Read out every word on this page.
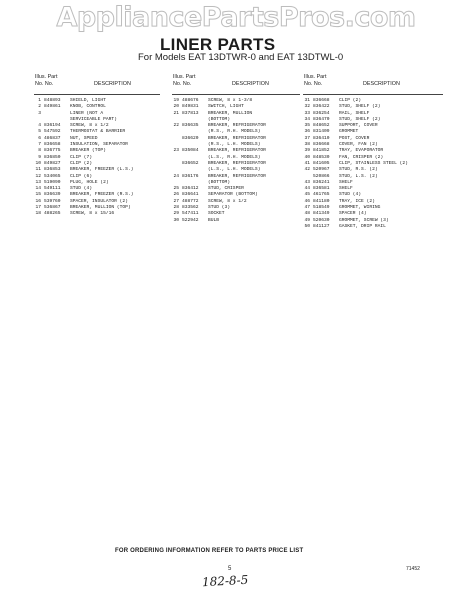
AppliancePartsPros.com
LINER PARTS
For Models EAT 13DTWR-0 and EAT 13DTWL-0
Illus. Part
No. No.	DESCRIPTION
1 848893	SHIELD, LIGHT
2 849861	KNOB, CONTROL
3	LINER (NOT A
SERVICEABLE PART)
4 836194	SCREW, 8 x 1/2
5 547592	THERMOSTAT & BARRIER
6 486837	NUT, SPEED
7 836658	INSULATION, SEPARATOR
8 836775	BREAKER (TOP)
9 836850	CLIP (7)
10 849827	CLIP (2)
11 836853	BREAKER, FREEZER (L.S.)
12 534065	CLIP (6)
13 519090	PLUG, HOLE (2)
14 549111	STUD (4)
15 836639	BREAKER, FREEZER (R.S.)
16 539760	SPACER, INSULATOR (2)
17 536867	BREAKER, MULLION (TOP)
18 488265	SCREW, 8 x 15/16
Illus. Part
No. No.	DESCRIPTION
19 488676	SCREW, 8 x 1-3/8
20 849831	SWITCH, LIGHT
21 837813	BREAKER, MULLION
(BOTTOM)
22 836635	BREAKER, REFRIGERATOR
(R.S., R.H. MODELS)
836620	BREAKER, REFRIGERATOR
(R.S., L.H. MODELS)
23 835084	BREAKER, REFRIGERATOR
(L.S., R.H. MODELS)
836652	BREAKER, REFRIGERATOR
(L.S., L.H. MODELS)
24 836176	BREAKER, REFRIGERATOR
(BOTTOM)
25 836412	STUD, CRISPER
26 836641	SEPARATOR (BOTTOM)
27 488772	SCREW, 8 x 1/2
28 833562	STUD (3)
29 547411	SOCKET
30 522942	BULB
Illus. Part
No. No.	DESCRIPTION
31 836668	CLIP (2)
32 836422	STUD, SHELF (2)
33 836254	RAIL, SHELF
34 836470	STUD, SHELF (2)
35 848652	SUPPORT, COVER
36 831409	GROMMET
37 836410	POST, COVER
38 836668	COVER, FAN (2)
39 841852	TRAY, EVAPORATOR
40 848530	FAN, CRISPER (2)
41 841605	CLIP, STAINLESS STEEL (2)
42 520967	STUD, R.S. (2)
520866	STUD, L.S. (2)
43 836241	SHELF
44 836581	SHELF
45 461765	STUD (4)
46 841180	TRAY, ICE (2)
47 518549	GROMMET, WIRING
48 841349	SPACER (4)
49 520630	GROMMET, SCREW (3)
50 841127	GASKET, DRIP RAIL
FOR ORDERING INFORMATION REFER TO PARTS PRICE LIST
5	71452
182-8-5
